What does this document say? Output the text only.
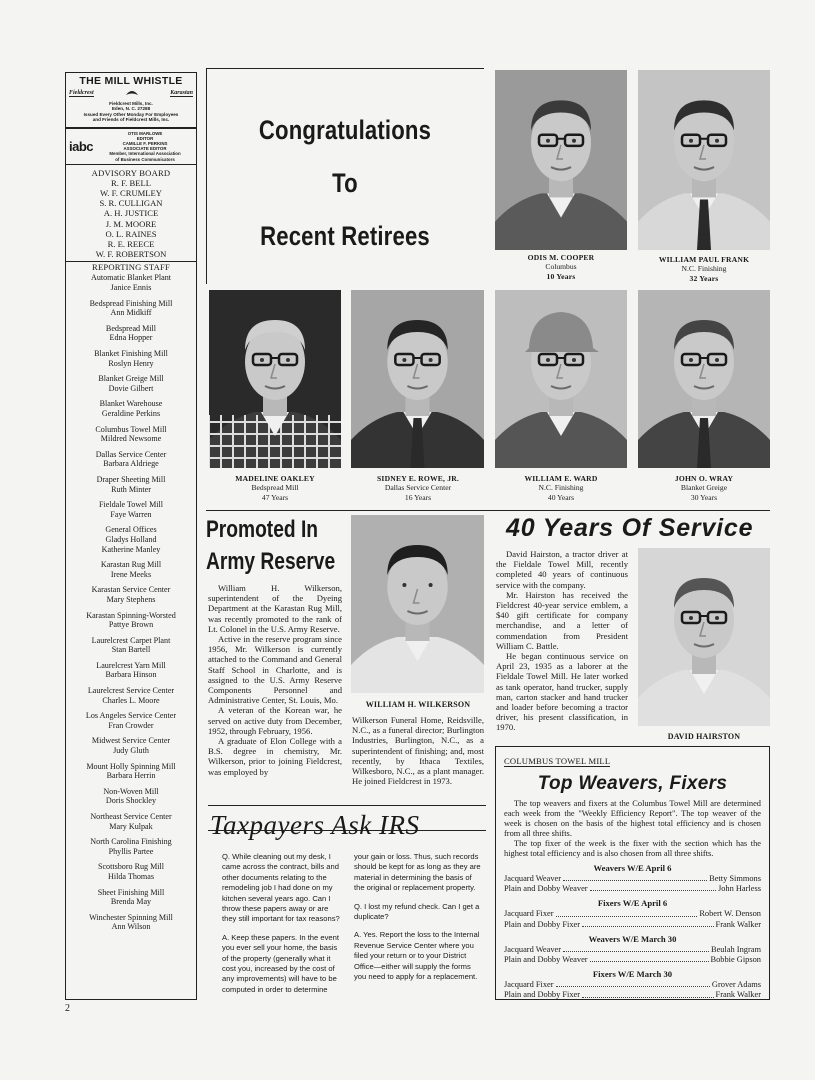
THE MILL WHISTLE
Fieldcrest	Karastan
Fieldcrest Mills, Inc.
Eden, N. C. 27288
Issued Every Other Monday For Employees
and Friends of Fieldcrest Mills, Inc.
iabc
OTIS MARLOWE
EDITOR
CAMILLE F. PERKINS
ASSOCIATE EDITOR
Member, International Association
of Business Communicators
ADVISORY BOARD
R. F. BELL
W. F. CRUMLEY
S. R. CULLIGAN
A. H. JUSTICE
J. M. MOORE
O. L. RAINES
R. E. REECE
W. F. ROBERTSON
REPORTING STAFF
Automatic Blanket Plant
Janice Ennis
Bedspread Finishing Mill
Ann Midkiff
Bedspread Mill
Edna Hopper
Blanket Finishing Mill
Roslyn Henry
Blanket Greige Mill
Dovie Gilbert
Blanket Warehouse
Geraldine Perkins
Columbus Towel Mill
Mildred Newsome
Dallas Service Center
Barbara Aldriege
Draper Sheeting Mill
Ruth Minter
Fieldale Towel Mill
Faye Warren
General Offices
Gladys Holland
Katherine Manley
Karastan Rug Mill
Irene Meeks
Karastan Service Center
Mary Stephens
Karastan Spinning-Worsted
Pattye Brown
Laurelcrest Carpet Plant
Stan Bartell
Laurelcrest Yarn Mill
Barbara Hinson
Laurelcrest Service Center
Charles L. Moore
Los Angeles Service Center
Fran Crowder
Midwest Service Center
Judy Gluth
Mount Holly Spinning Mill
Barbara Herrin
Non-Woven Mill
Doris Shockley
Northeast Service Center
Mary Kulpak
North Carolina Finishing
Phyllis Partee
Scottsboro Rug Mill
Hilda Thomas
Sheet Finishing Mill
Brenda May
Winchester Spinning Mill
Ann Wilson
2
Congratulations
To
Recent Retirees
ODIS M. COOPER
Columbus
10 Years
WILLIAM PAUL FRANK
N.C. Finishing
32 Years
MADELINE OAKLEY
Bedspread Mill
47 Years
SIDNEY E. ROWE, JR.
Dallas Service Center
16 Years
WILLIAM E. WARD
N.C. Finishing
40 Years
JOHN O. WRAY
Blanket Greige
30 Years
Promoted In
Army Reserve

William H. Wilkerson, superintendent of the Dyeing Department at the Karastan Rug Mill, was recently promoted to the rank of Lt. Colonel in the U.S. Army Reserve.

Active in the reserve program since 1956, Mr. Wilkerson is currently attached to the Command and General Staff School in Charlotte, and is assigned to the U.S. Army Reserve Components Personnel and Administrative Center, St. Louis, Mo.

A veteran of the Korean war, he served on active duty from December, 1952, through February, 1956.

A graduate of Elon College with a B.S. degree in chemistry, Mr. Wilkerson, prior to joining Fieldcrest, was employed by

WILLIAM H. WILKERSON
Wilkerson Funeral Home, Reidsville, N.C., as a funeral director; Burlington Industries, Burlington, N.C., as a superintendent of finishing; and, most recently, by Ithaca Textiles, Wilkesboro, N.C., as a plant manager. He joined Fieldcrest in 1973.
40 Years Of Service

David Hairston, a tractor driver at the Fieldale Towel Mill, recently completed 40 years of continuous service with the company.

Mr. Hairston has received the Fieldcrest 40-year service emblem, a $40 gift certificate for company merchandise, and a letter of commendation from President William C. Battle.

He began continuous service on April 23, 1935 as a laborer at the Fieldale Towel Mill. He later worked as tank operator, hand trucker, supply man, carton stacker and hand trucker and loader before becoming a tractor driver, his present classification, in 1970.

DAVID HAIRSTON
Taxpayers Ask IRS

Q. While cleaning out my desk, I came across the contract, bills and other documents relating to the remodeling job I had done on my kitchen several years ago. Can I throw these papers away or are they still important for tax reasons?

A. Keep these papers. In the event you ever sell your home, the basis of the property (generally what it cost you, increased by the cost of any improvements) will have to be computed in order to determine

your gain or loss. Thus, such records should be kept for as long as they are material in determining the basis of the original or replacement property.

Q. I lost my refund check. Can I get a duplicate?

A. Yes. Report the loss to the Internal Revenue Service Center where you filed your return or to your District Office—either will supply the forms you need to apply for a replacement.

COLUMBUS TOWEL MILL
Top Weavers, Fixers

The top weavers and fixers at the Columbus Towel Mill are determined each week from the "Weekly Efficiency Report". The top weaver of the week is chosen on the basis of the highest total efficiency and is chosen from all three shifts.

The top fixer of the week is the fixer with the section which has the highest total efficiency and is also chosen from all three shifts.

Weavers W/E April 6
Jacquard Weaver	Betty Simmons
Plain and Dobby Weaver	John Harless
Fixers W/E April 6
Jacquard Fixer	Robert W. Denson
Plain and Dobby Fixer	Frank Walker
Weavers W/E March 30
Jacquard Weaver	Beulah Ingram
Plain and Dobby Weaver	Bobbie Gipson
Fixers W/E March 30
Jacquard Fixer	Grover Adams
Plain and Dobby Fixer	Frank Walker
